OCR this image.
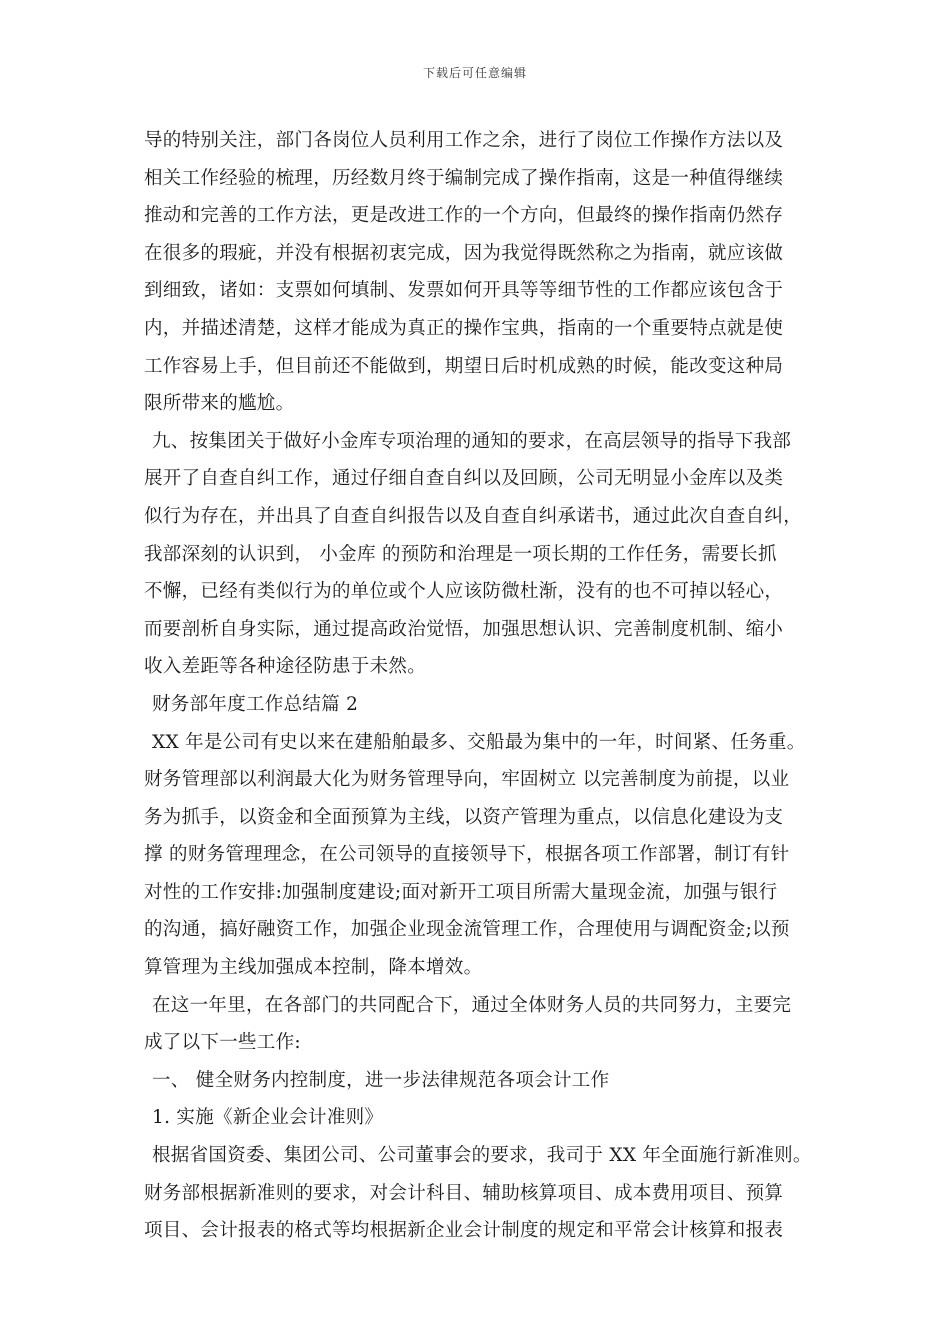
下载后可任意编辑
导的特别关注，部门各岗位人员利用工作之余，进行了岗位工作操作方法以及
相关工作经验的梳理，历经数月终于编制完成了操作指南，这是一种值得继续
推动和完善的工作方法，更是改进工作的一个方向，但最终的操作指南仍然存
在很多的瑕疵，并没有根据初衷完成，因为我觉得既然称之为指南，就应该做
到细致，诸如：支票如何填制、发票如何开具等等细节性的工作都应该包含于
内，并描述清楚，这样才能成为真正的操作宝典，指南的一个重要特点就是使
工作容易上手，但目前还不能做到，期望日后时机成熟的时候，能改变这种局
限所带来的尴尬。
九、按集团关于做好小金库专项治理的通知的要求，在高层领导的指导下我部
展开了自查自纠工作，通过仔细自查自纠以及回顾，公司无明显小金库以及类
似行为存在，并出具了自查自纠报告以及自查自纠承诺书，通过此次自查自纠，
我部深刻的认识到， 小金库 的预防和治理是一项长期的工作任务，需要长抓
不懈，已经有类似行为的单位或个人应该防微杜渐，没有的也不可掉以轻心，
而要剖析自身实际，通过提高政治觉悟，加强思想认识、完善制度机制、缩小
收入差距等各种途径防患于未然。
财务部年度工作总结篇 2
XX 年是公司有史以来在建船舶最多、交船最为集中的一年，时间紧、任务重。
财务管理部以利润最大化为财务管理导向，牢固树立 以完善制度为前提，以业
务为抓手，以资金和全面预算为主线，以资产管理为重点，以信息化建设为支
撑 的财务管理理念，在公司领导的直接领导下，根据各项工作部署，制订有针
对性的工作安排:加强制度建设;面对新开工项目所需大量现金流，加强与银行
的沟通，搞好融资工作，加强企业现金流管理工作，合理使用与调配资金;以预
算管理为主线加强成本控制，降本增效。
在这一年里，在各部门的共同配合下，通过全体财务人员的共同努力，主要完
成了以下一些工作:
一、 健全财务内控制度，进一步法律规范各项会计工作
1. 实施《新企业会计准则》
根据省国资委、集团公司、公司董事会的要求，我司于 XX 年全面施行新准则。
财务部根据新准则的要求，对会计科目、辅助核算项目、成本费用项目、预算
项目、会计报表的格式等均根据新企业会计制度的规定和平常会计核算和报表
